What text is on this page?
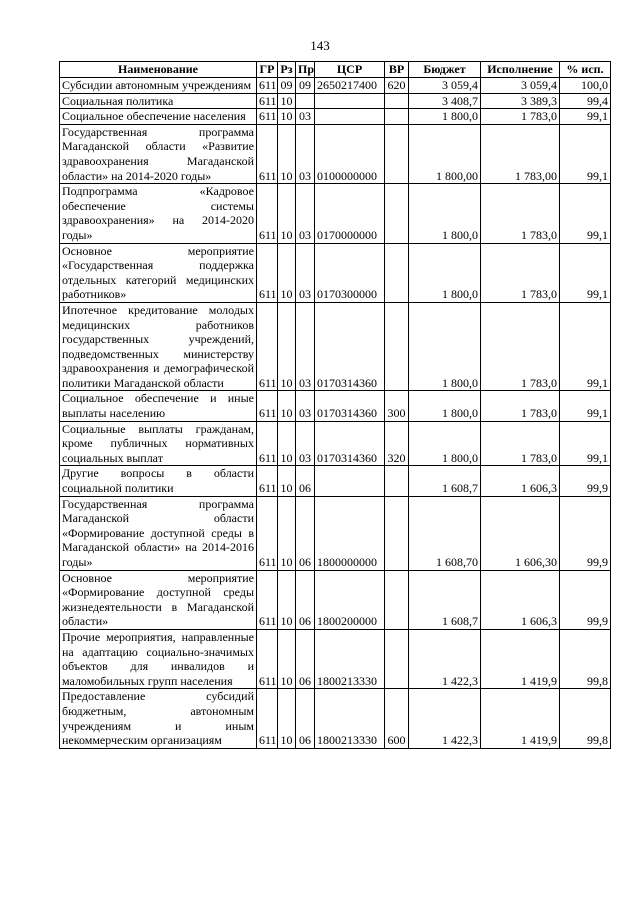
143
Наименование	ГР	Рз	Пр	ЦСР	ВР	Бюджет	Исполнение	% исп.
Субсидии автономным учреждениям	611	09	09	2650217400	620	3 059,4	3 059,4	100,0
Социальная политика	611	10				3 408,7	3 389,3	99,4
Социальное обеспечение населения	611	10	03			1 800,0	1 783,0	99,1
Государственная программа Магаданской области «Развитие здравоохранения Магаданской области» на 2014-2020 годы»	611	10	03	0100000000		1 800,00	1 783,00	99,1
Подпрограмма «Кадровое обеспечение системы здравоохранения» на 2014-2020 годы»	611	10	03	0170000000		1 800,0	1 783,0	99,1
Основное мероприятие «Государственная поддержка отдельных категорий медицинских работников»	611	10	03	0170300000		1 800,0	1 783,0	99,1
Ипотечное кредитование молодых медицинских работников государственных учреждений, подведомственных министерству здравоохранения и демографической политики Магаданской области	611	10	03	0170314360		1 800,0	1 783,0	99,1
Социальное обеспечение и иные выплаты населению	611	10	03	0170314360	300	1 800,0	1 783,0	99,1
Социальные выплаты гражданам, кроме публичных нормативных социальных выплат	611	10	03	0170314360	320	1 800,0	1 783,0	99,1
Другие вопросы в области социальной политики	611	10	06			1 608,7	1 606,3	99,9
Государственная программа Магаданской области «Формирование доступной среды в Магаданской области» на 2014-2016 годы»	611	10	06	1800000000		1 608,70	1 606,30	99,9
Основное мероприятие «Формирование доступной среды жизнедеятельности в Магаданской области»	611	10	06	1800200000		1 608,7	1 606,3	99,9
Прочие мероприятия, направленные на адаптацию социально-значимых объектов для инвалидов и маломобильных групп населения	611	10	06	1800213330		1 422,3	1 419,9	99,8
Предоставление субсидий бюджетным, автономным учреждениям и иным некоммерческим организациям	611	10	06	1800213330	600	1 422,3	1 419,9	99,8
